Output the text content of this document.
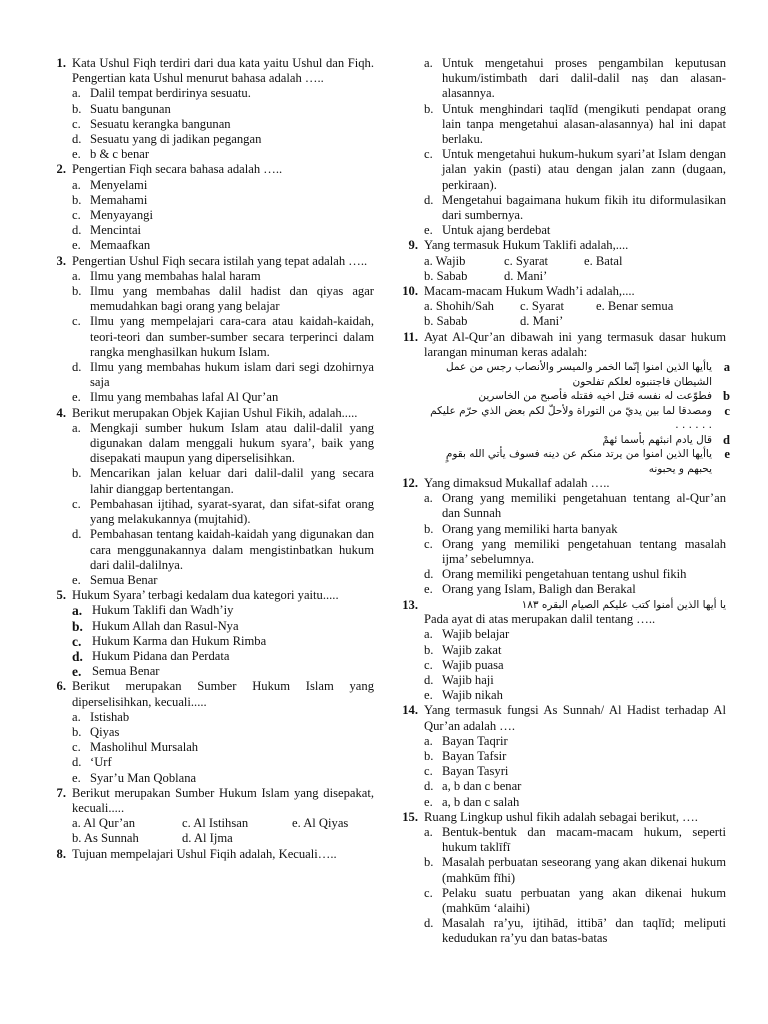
1. Kata Ushul Fiqh terdiri dari dua kata yaitu Ushul dan Fiqh. Pengertian kata Ushul menurut bahasa adalah …..
a. Dalil tempat berdirinya sesuatu.
b. Suatu bangunan
c. Sesuatu kerangka bangunan
d. Sesuatu yang di jadikan pegangan
e. b & c benar
2. Pengertian Fiqh secara bahasa adalah …..
a. Menyelami
b. Memahami
c. Menyayangi
d. Mencintai
e. Memaafkan
3. Pengertian Ushul Fiqh secara istilah yang tepat adalah …..
a. Ilmu yang membahas halal haram
b. Ilmu yang membahas dalil hadist dan qiyas agar memudahkan bagi orang yang belajar
c. Ilmu yang mempelajari cara-cara atau kaidah-kaidah, teori-teori dan sumber-sumber secara terperinci dalam rangka menghasilkan hukum Islam.
d. Ilmu yang membahas hukum islam dari segi dzohirnya saja
e. Ilmu yang membahas lafal Al Qur’an
4. Berikut merupakan Objek Kajian Ushul Fikih, adalah.....
a. Mengkaji sumber hukum Islam atau dalil-dalil yang digunakan dalam menggali hukum syara’, baik yang disepakati maupun yang diperselisihkan.
b. Mencarikan jalan keluar dari dalil-dalil yang secara lahir dianggap bertentangan.
c. Pembahasan ijtihad, syarat-syarat, dan sifat-sifat orang yang melakukannya (mujtahid).
d. Pembahasan tentang kaidah-kaidah yang digunakan dan cara menggunakannya dalam mengistinbatkan hukum dari dalil-dalilnya.
e. Semua Benar
5. Hukum Syara’ terbagi kedalam dua kategori yaitu.....
a. Hukum Taklifi dan Wadh’iy
b. Hukum Allah dan Rasul-Nya
c. Hukum Karma dan Hukum Rimba
d. Hukum Pidana dan Perdata
e. Semua Benar
6. Berikut merupakan Sumber Hukum Islam yang diperselisihkan, kecuali.....
a. Istishab
b. Qiyas
c. Masholihul Mursalah
d. ‘Urf
e. Syar’u Man Qoblana
7. Berikut merupakan Sumber Hukum Islam yang disepakat, kecuali.....
a. Al Qur’an	c. Al Istihsan	e. Al Qiyas
b. As Sunnah	d. Al Ijma
8. Tujuan mempelajari Ushul Fiqih adalah, Kecuali…..
a. Untuk mengetahui proses pengambilan keputusan hukum/istimbath dari dalil-dalil naṣ dan alasan-alasannya.
b. Untuk menghindari taqlīd (mengikuti pendapat orang lain tanpa mengetahui alasan-alasannya) hal ini dapat berlaku.
c. Untuk mengetahui hukum-hukum syari’at Islam dengan jalan yakin (pasti) atau dengan jalan zann (dugaan, perkiraan).
d. Mengetahui bagaimana hukum fikih itu diformulasikan dari sumbernya.
e. Untuk ajang berdebat
9. Yang termasuk Hukum Taklifi adalah,....
a. Wajib	c. Syarat	e. Batal
b. Sabab	d. Mani’
10. Macam-macam Hukum Wadh’i adalah,....
a. Shohih/Sah	c. Syarat	e. Benar semua
b. Sabab	d. Mani’
11. Ayat Al-Qur’an dibawah ini yang termasuk dasar hukum larangan minuman keras adalah:
a
ياأيها الذين امنوا إنّما الخمر والميسر والأنصاب رجس من عمل الشيطان فاجتنبوه لعلكم تفلحون
b
فطوّعت له نفسه قتل اخيه فقتله فأصبح من الخاسرين
c
ومصدقا لما بين يديّ من التوراة ولأحلّ لكم بعض الذي حرّم عليكم . . . . . .
d
قال يادم انبئهم بأسما ئهمْ
e
ياأيها الذين امنوا من يرتد منكم عن دينه فسوف يأتي الله بقومٍ يحبهم و يحبونه
12. Yang dimaksud Mukallaf adalah …..
a. Orang yang memiliki pengetahuan tentang al-Qur’an dan Sunnah
b. Orang yang memiliki harta banyak
c. Orang yang memiliki pengetahuan tentang masalah ijma’ sebelumnya.
d. Orang memiliki pengetahuan tentang ushul fikih
e. Orang yang Islam, Baligh dan Berakal
13.	يا أيها الذين أمنوا كتب عليكم الصيام البقره ١٨٣
Pada ayat di atas merupakan dalil tentang …..
a. Wajib belajar
b. Wajib zakat
c. Wajib puasa
d. Wajib haji
e. Wajib nikah
14. Yang termasuk fungsi As Sunnah/ Al Hadist terhadap Al Qur’an adalah ….
a. Bayan Taqrir
b. Bayan Tafsir
c. Bayan Tasyri
d. a, b dan c benar
e. a, b dan c salah
15. Ruang Lingkup ushul fikih adalah sebagai berikut, ….
a. Bentuk-bentuk dan macam-macam hukum, seperti hukum taklīfī
b. Masalah perbuatan seseorang yang akan dikenai hukum (mahkūm fīhi)
c. Pelaku suatu perbuatan yang akan dikenai hukum (mahkūm ‘alaihi)
d. Masalah ra’yu, ijtihād, ittibā’ dan taqlīd; meliputi kedudukan ra’yu dan batas-batas
